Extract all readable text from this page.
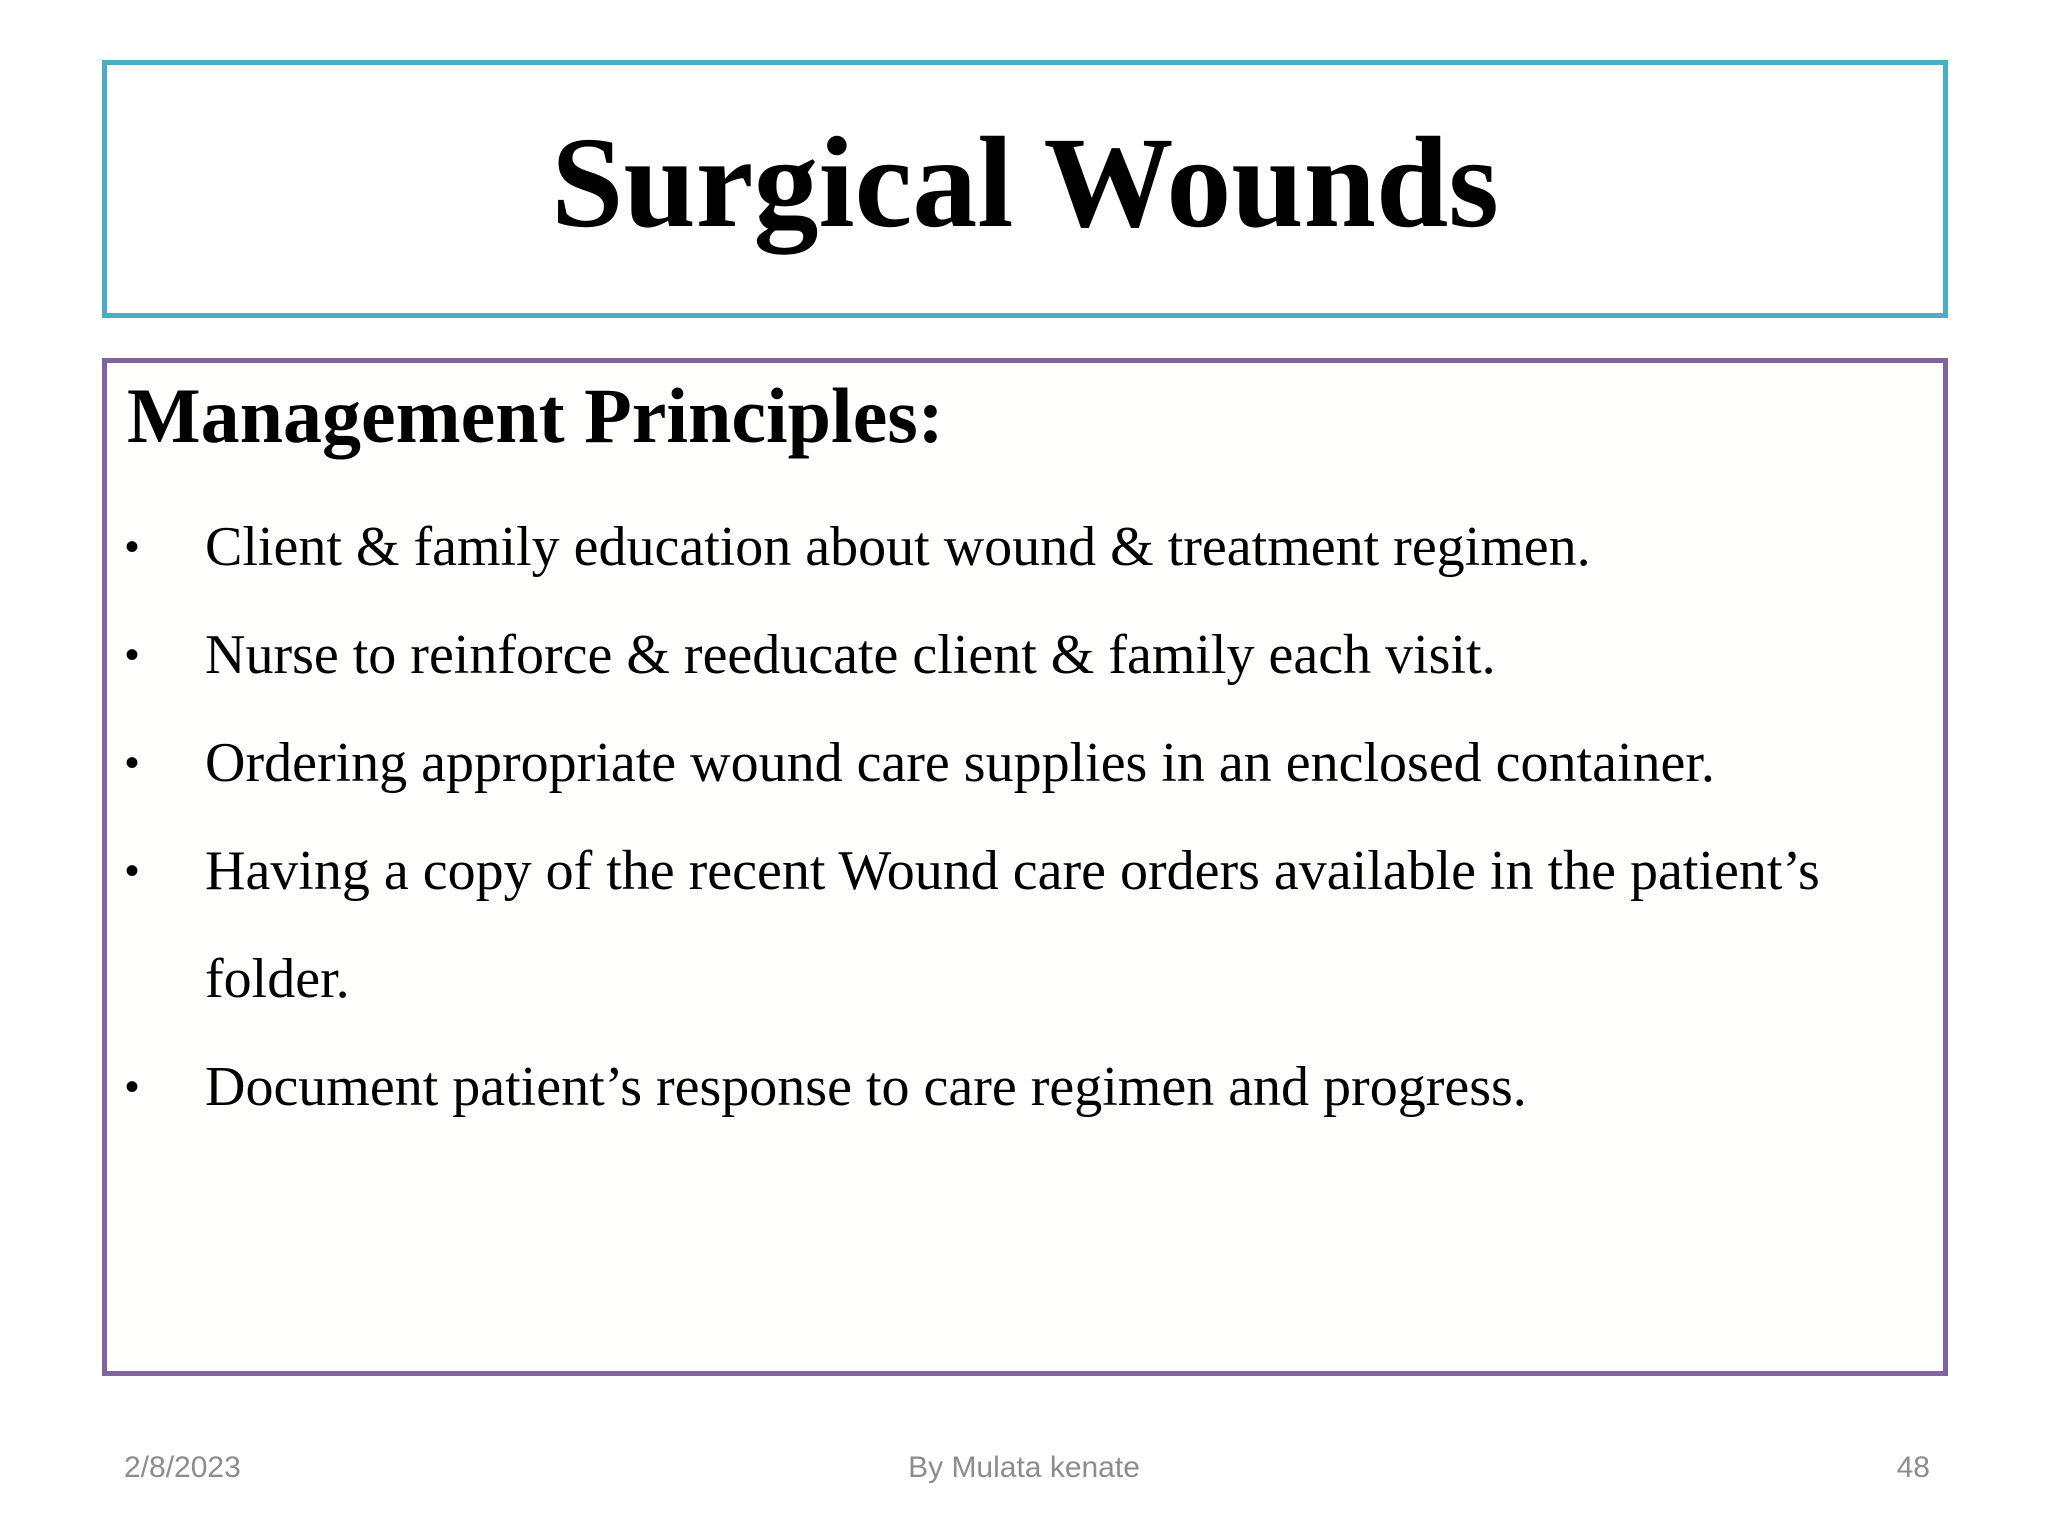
Surgical Wounds
Management Principles:
• Client & family education about wound & treatment regimen.
• Nurse to reinforce & reeducate client & family each visit.
• Ordering appropriate wound care supplies in an enclosed container.
• Having a copy of the recent Wound care orders available in the patient’s folder.
• Document patient’s response to care regimen and progress.
2/8/2023	By Mulata kenate	48
